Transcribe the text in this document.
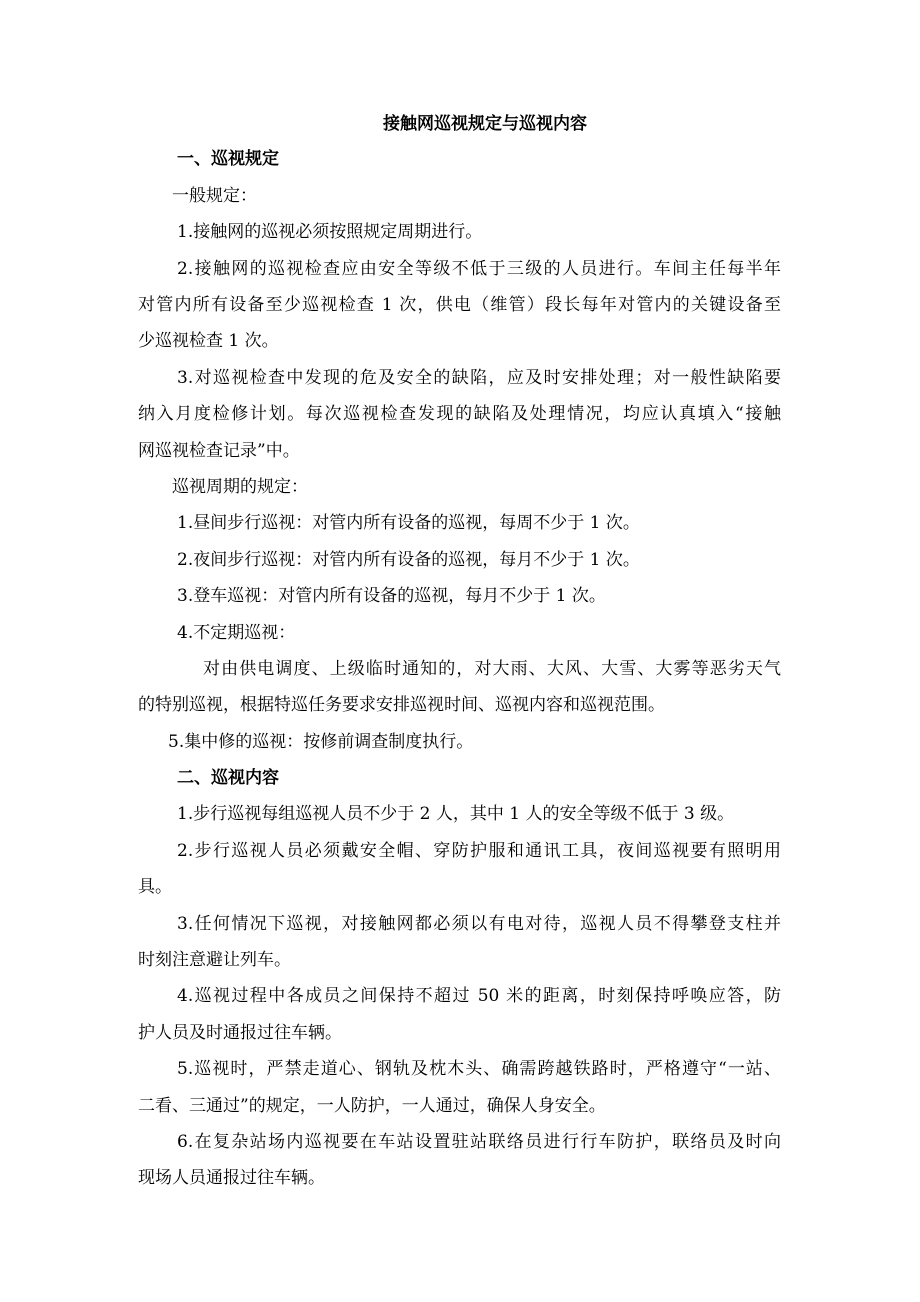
接触网巡视规定与巡视内容
一、巡视规定
一般规定：
1.接触网的巡视必须按照规定周期进行。
2.接触网的巡视检查应由安全等级不低于三级的人员进行。车间主任每半年
对管内所有设备至少巡视检查 1 次，供电（维管）段长每年对管内的关键设备至
少巡视检查 1 次。
3.对巡视检查中发现的危及安全的缺陷，应及时安排处理；对一般性缺陷要
纳入月度检修计划。每次巡视检查发现的缺陷及处理情况，均应认真填入“接触
网巡视检查记录”中。
巡视周期的规定：
1.昼间步行巡视：对管内所有设备的巡视，每周不少于 1 次。
2.夜间步行巡视：对管内所有设备的巡视，每月不少于 1 次。
3.登车巡视：对管内所有设备的巡视，每月不少于 1 次。
4.不定期巡视：
对由供电调度、上级临时通知的，对大雨、大风、大雪、大雾等恶劣天气
的特别巡视，根据特巡任务要求安排巡视时间、巡视内容和巡视范围。
5.集中修的巡视：按修前调查制度执行。
二、巡视内容
1.步行巡视每组巡视人员不少于 2 人，其中 1 人的安全等级不低于 3 级。
2.步行巡视人员必须戴安全帽、穿防护服和通讯工具，夜间巡视要有照明用
具。
3.任何情况下巡视，对接触网都必须以有电对待，巡视人员不得攀登支柱并
时刻注意避让列车。
4.巡视过程中各成员之间保持不超过 50 米的距离，时刻保持呼唤应答，防
护人员及时通报过往车辆。
5.巡视时，严禁走道心、钢轨及枕木头、确需跨越铁路时，严格遵守“一站、
二看、三通过”的规定，一人防护，一人通过，确保人身安全。
6.在复杂站场内巡视要在车站设置驻站联络员进行行车防护，联络员及时向
现场人员通报过往车辆。
